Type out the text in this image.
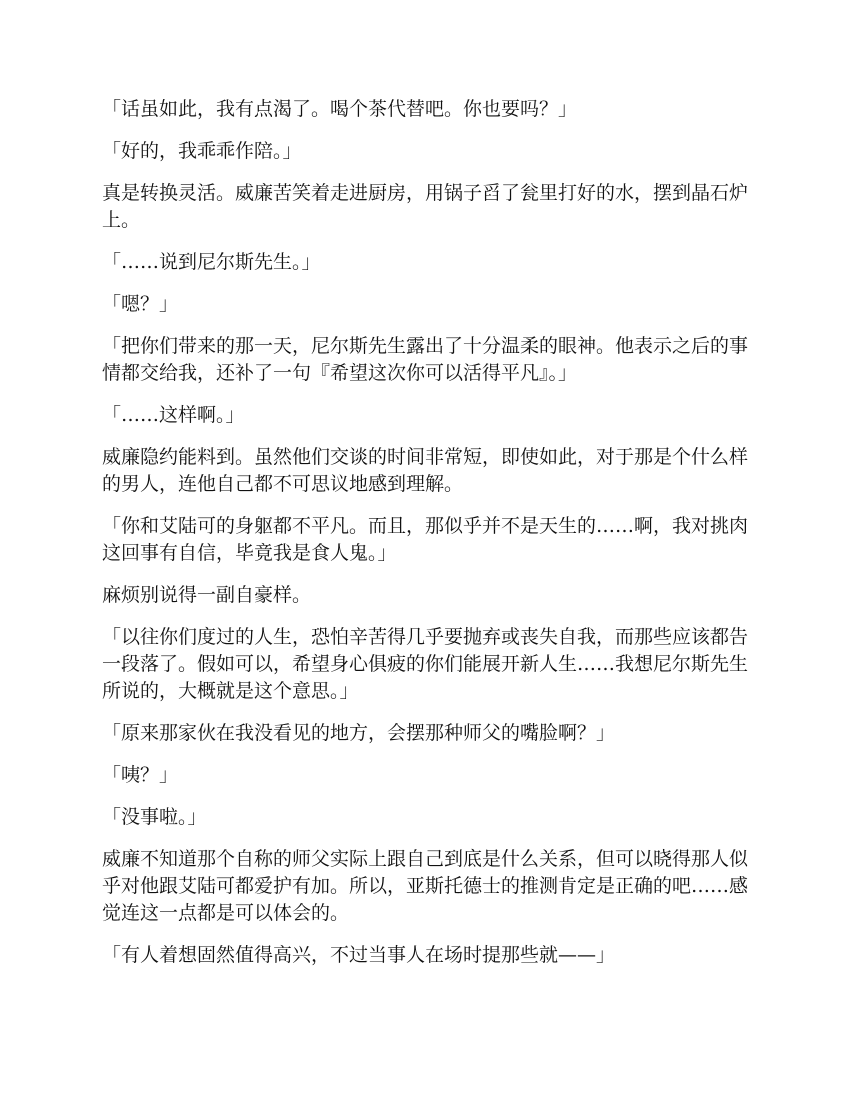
「话虽如此，我有点渴了。喝个茶代替吧。你也要吗？」

「好的，我乖乖作陪。」

真是转换灵活。威廉苦笑着走进厨房，用锅子舀了瓮里打好的水，摆到晶石炉上。

「……说到尼尔斯先生。」

「嗯？」

「把你们带来的那一天，尼尔斯先生露出了十分温柔的眼神。他表示之后的事情都交给我，还补了一句『希望这次你可以活得平凡』。」

「……这样啊。」

威廉隐约能料到。虽然他们交谈的时间非常短，即使如此，对于那是个什么样的男人，连他自己都不可思议地感到理解。

「你和艾陆可的身躯都不平凡。而且，那似乎并不是天生的……啊，我对挑肉这回事有自信，毕竟我是食人鬼。」

麻烦别说得一副自豪样。

「以往你们度过的人生，恐怕辛苦得几乎要抛弃或丧失自我，而那些应该都告一段落了。假如可以，希望身心俱疲的你们能展开新人生……我想尼尔斯先生所说的，大概就是这个意思。」

「原来那家伙在我没看见的地方，会摆那种师父的嘴脸啊？」

「咦？」

「没事啦。」

威廉不知道那个自称的师父实际上跟自己到底是什么关系，但可以晓得那人似乎对他跟艾陆可都爱护有加。所以，亚斯托德士的推测肯定是正确的吧……感觉连这一点都是可以体会的。

「有人着想固然值得高兴，不过当事人在场时提那些就——」
